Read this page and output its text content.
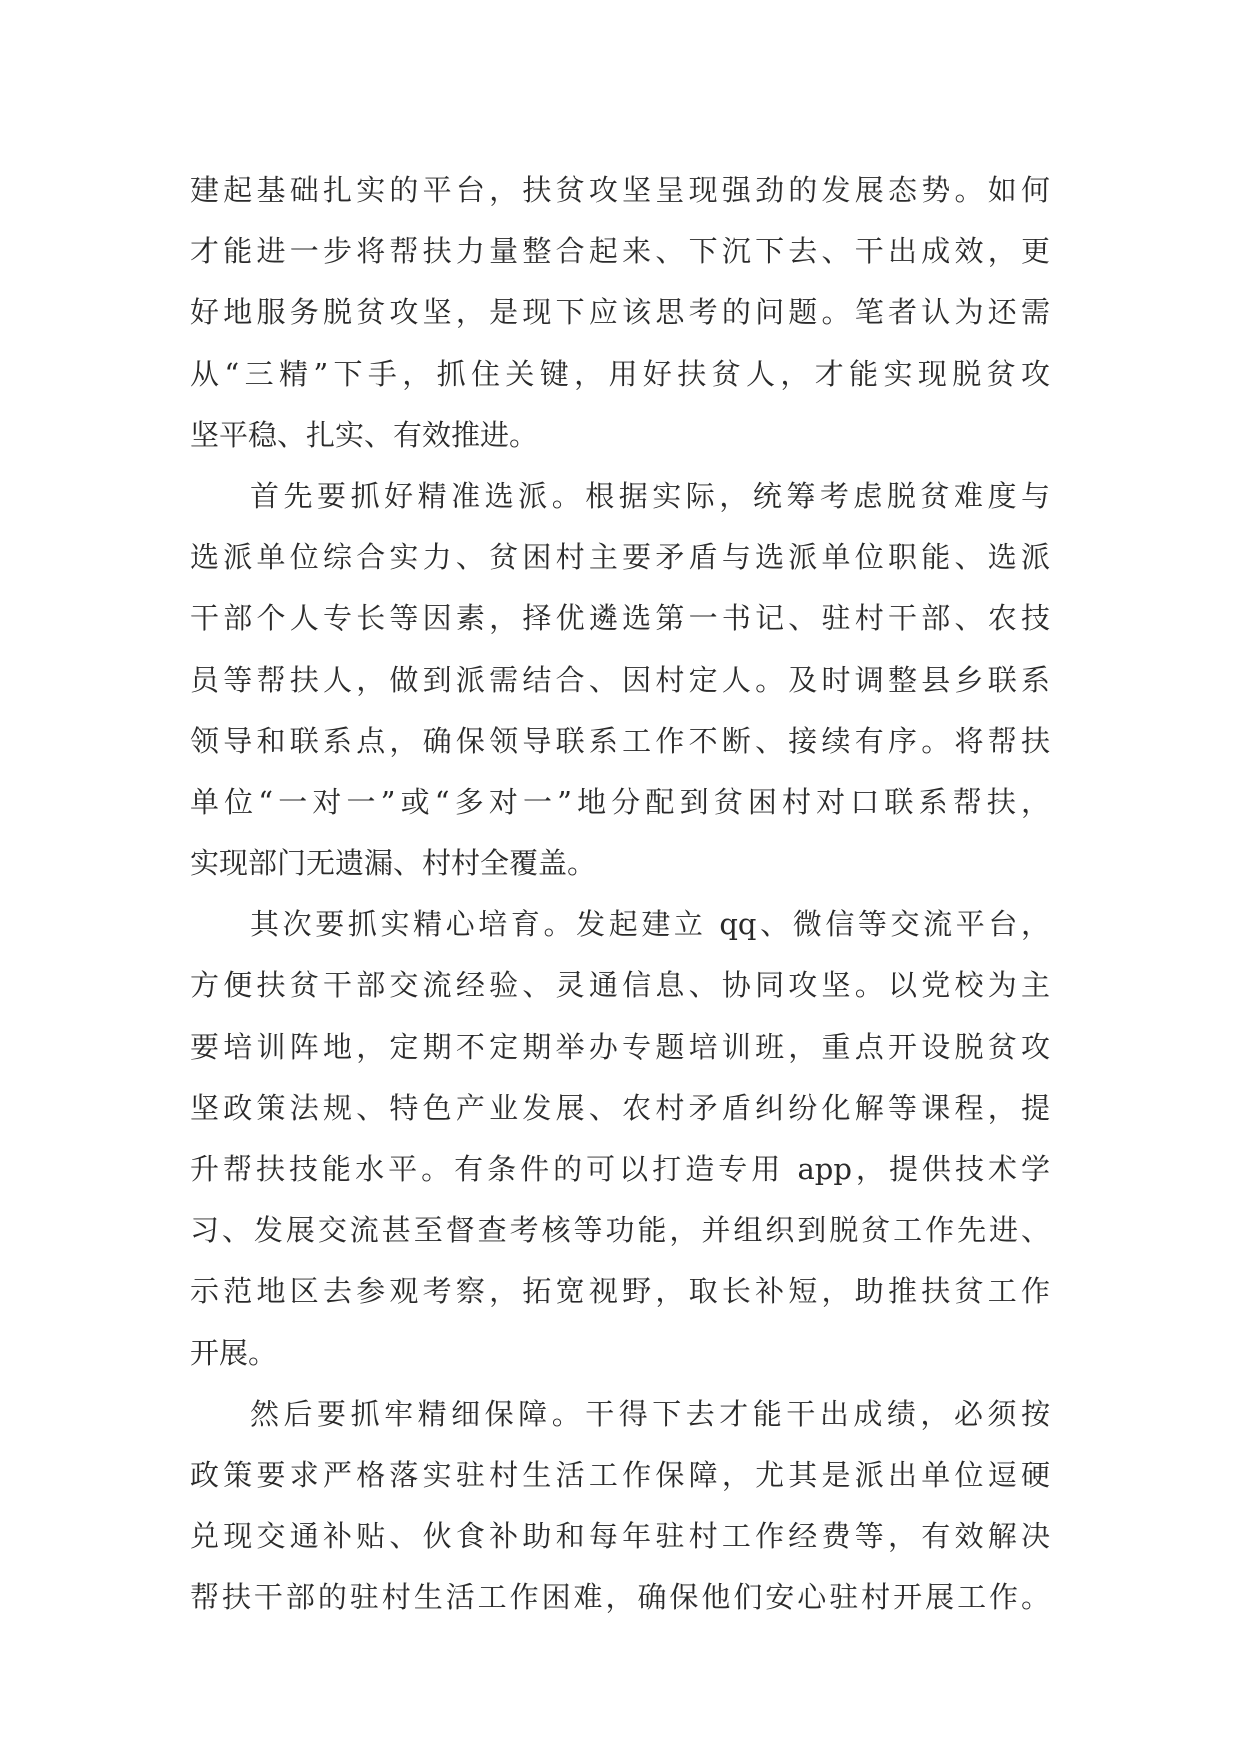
建起基础扎实的平台，扶贫攻坚呈现强劲的发展态势。如何
才能进一步将帮扶力量整合起来、下沉下去、干出成效，更
好地服务脱贫攻坚，是现下应该思考的问题。笔者认为还需
从“三精”下手，抓住关键，用好扶贫人，才能实现脱贫攻
坚平稳、扎实、有效推进。
首先要抓好精准选派。根据实际，统筹考虑脱贫难度与
选派单位综合实力、贫困村主要矛盾与选派单位职能、选派
干部个人专长等因素，择优遴选第一书记、驻村干部、农技
员等帮扶人，做到派需结合、因村定人。及时调整县乡联系
领导和联系点，确保领导联系工作不断、接续有序。将帮扶
单位“一对一”或“多对一”地分配到贫困村对口联系帮扶，
实现部门无遗漏、村村全覆盖。
其次要抓实精心培育。发起建立 qq、微信等交流平台，
方便扶贫干部交流经验、灵通信息、协同攻坚。以党校为主
要培训阵地，定期不定期举办专题培训班，重点开设脱贫攻
坚政策法规、特色产业发展、农村矛盾纠纷化解等课程，提
升帮扶技能水平。有条件的可以打造专用 app，提供技术学
习、发展交流甚至督查考核等功能，并组织到脱贫工作先进、
示范地区去参观考察，拓宽视野，取长补短，助推扶贫工作
开展。
然后要抓牢精细保障。干得下去才能干出成绩，必须按
政策要求严格落实驻村生活工作保障，尤其是派出单位逗硬
兑现交通补贴、伙食补助和每年驻村工作经费等，有效解决
帮扶干部的驻村生活工作困难，确保他们安心驻村开展工作。
